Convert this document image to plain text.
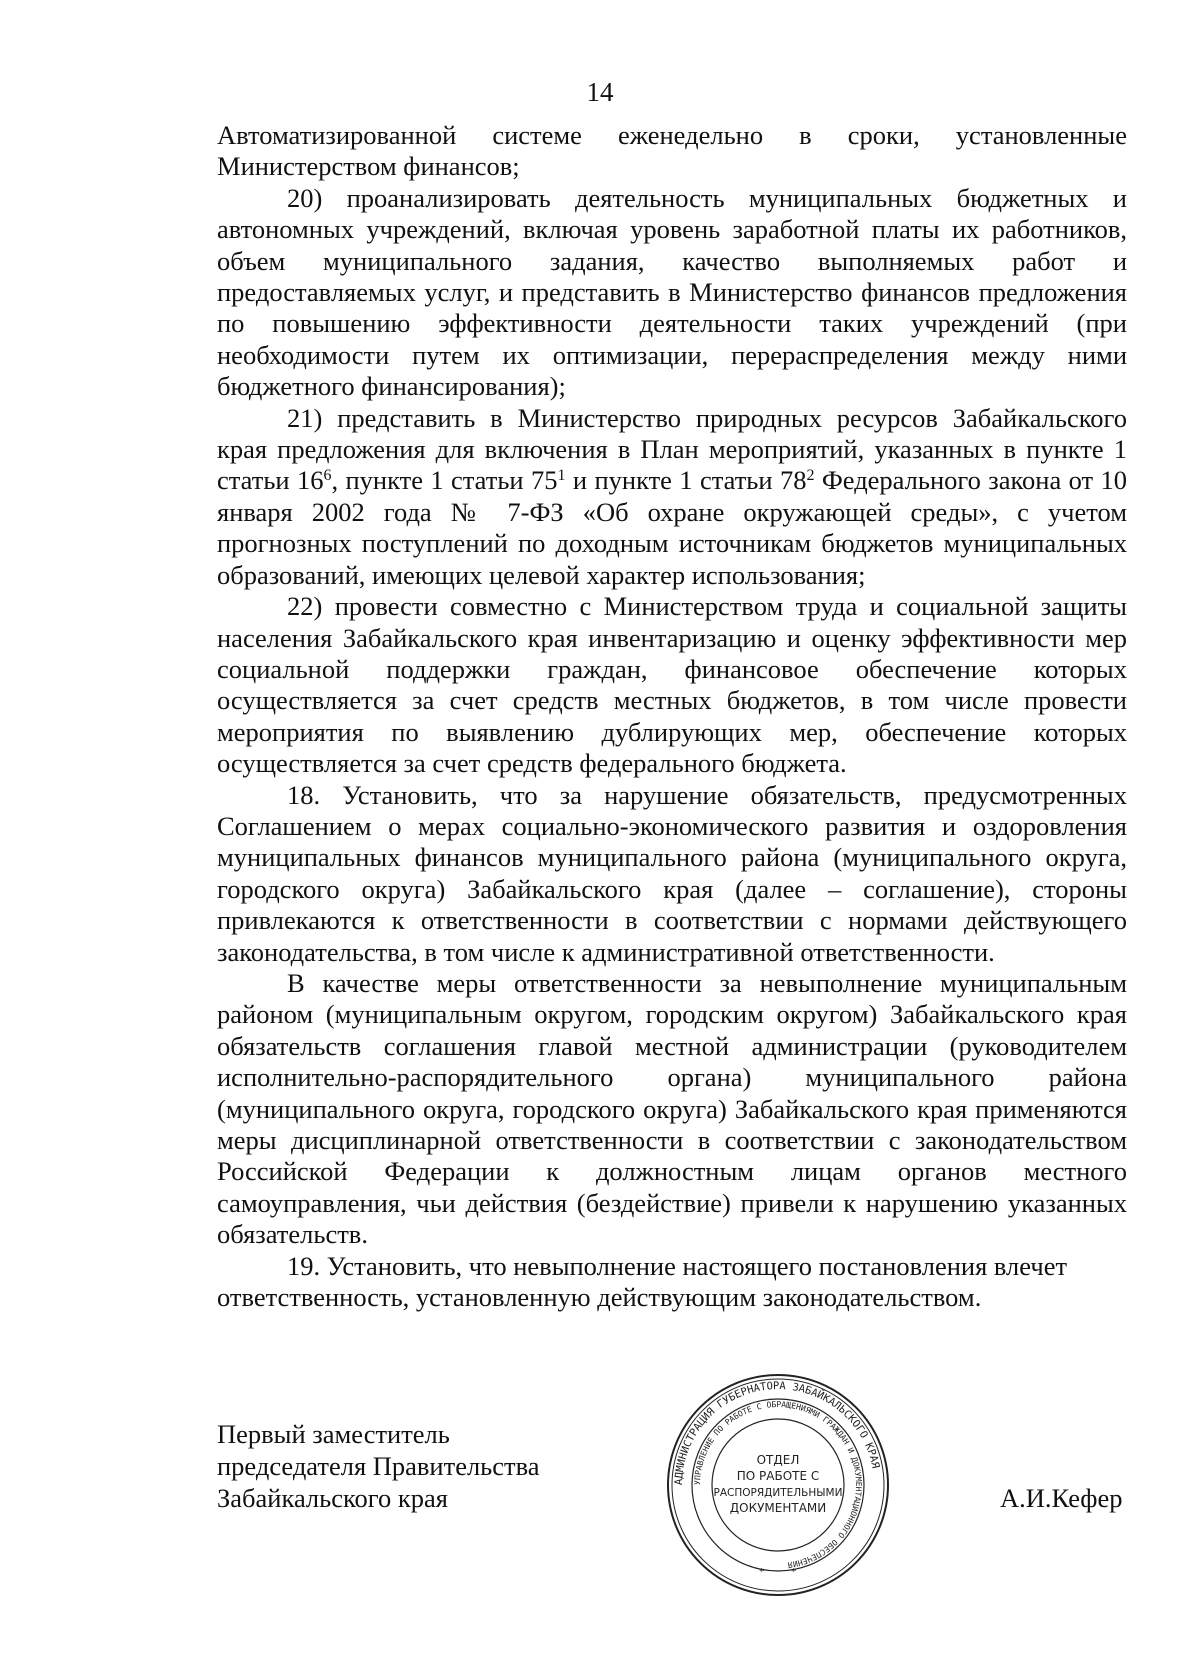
14

Автоматизированной системе еженедельно в сроки, установленные Министерством финансов;

20) проанализировать деятельность муниципальных бюджетных и автономных учреждений, включая уровень заработной платы их работников, объем муниципального задания, качество выполняемых работ и предоставляемых услуг, и представить в Министерство финансов предложения по повышению эффективности деятельности таких учреждений (при необходимости путем их оптимизации, перераспределения между ними бюджетного финансирования);

21) представить в Министерство природных ресурсов Забайкальского края предложения для включения в План мероприятий, указанных в пункте 1 статьи $16^6$, пункте 1 статьи $75^1$ и пункте 1 статьи $78^2$ Федерального закона от 10 января 2002 года № 7-ФЗ «Об охране окружающей среды», с учетом прогнозных поступлений по доходным источникам бюджетов муниципальных образований, имеющих целевой характер использования;

22) провести совместно с Министерством труда и социальной защиты населения Забайкальского края инвентаризацию и оценку эффективности мер социальной поддержки граждан, финансовое обеспечение которых осуществляется за счет средств местных бюджетов, в том числе провести мероприятия по выявлению дублирующих мер, обеспечение которых осуществляется за счет средств федерального бюджета.

18. Установить, что за нарушение обязательств, предусмотренных Соглашением о мерах социально-экономического развития и оздоровления муниципальных финансов муниципального района (муниципального округа, городского округа) Забайкальского края (далее – соглашение), стороны привлекаются к ответственности в соответствии с нормами действующего законодательства, в том числе к административной ответственности.

В качестве меры ответственности за невыполнение муниципальным районом (муниципальным округом, городским округом) Забайкальского края обязательств соглашения главой местной администрации (руководителем исполнительно-распорядительного органа) муниципального района (муниципального округа, городского округа) Забайкальского края применяются меры дисциплинарной ответственности в соответствии с законодательством Российской Федерации к должностным лицам органов местного самоуправления, чьи действия (бездействие) привели к нарушению указанных обязательств.

19. Установить, что невыполнение настоящего постановления влечет ответственность, установленную действующим законодательством.

Первый заместитель
председателя Правительства
Забайкальского края
АДМИНИСТРАЦИЯ ГУБЕРНАТОРА ЗАБАЙКАЛЬСКОГО КРАЯ
УПРАВЛЕНИЕ ПО РАБОТЕ С ОБРАЩЕНИЯМИ ГРАЖДАН И ДОКУМЕНТАЦИОННОГО ОБЕСПЕЧЕНИЯ
ОТДЕЛ
ПО РАБОТЕ С
РАСПОРЯДИТЕЛЬНЫМИ
ДОКУМЕНТАМИ
* *
А.И.Кефер
